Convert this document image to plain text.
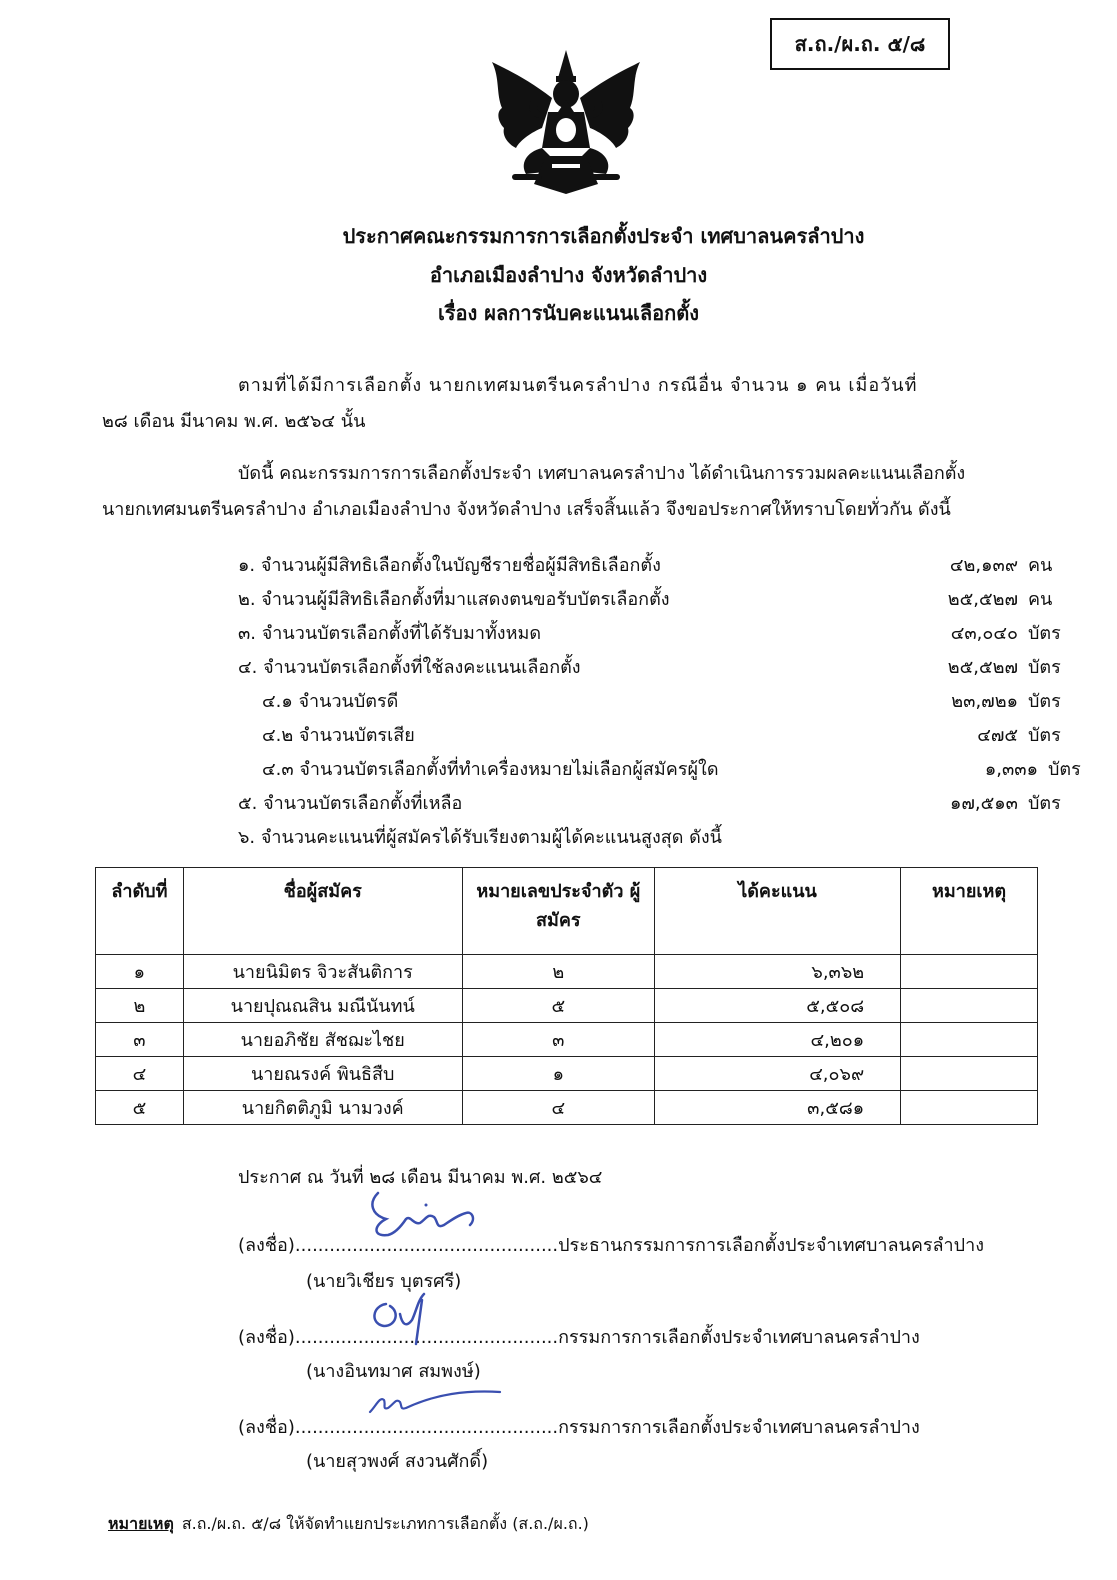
ส.ถ./ผ.ถ. ๕/๘
ประกาศคณะกรรมการการเลือกตั้งประจำ เทศบาลนครลำปาง
อำเภอเมืองลำปาง จังหวัดลำปาง
เรื่อง ผลการนับคะแนนเลือกตั้ง
ตามที่ได้มีการเลือกตั้ง นายกเทศมนตรีนครลำปาง กรณีอื่น จำนวน ๑ คน เมื่อวันที่
๒๘ เดือน มีนาคม พ.ศ. ๒๕๖๔ นั้น
บัดนี้ คณะกรรมการการเลือกตั้งประจำ เทศบาลนครลำปาง ได้ดำเนินการรวมผลคะแนนเลือกตั้ง
นายกเทศมนตรีนครลำปาง อำเภอเมืองลำปาง จังหวัดลำปาง เสร็จสิ้นแล้ว จึงขอประกาศให้ทราบโดยทั่วกัน ดังนี้
๑. จำนวนผู้มีสิทธิเลือกตั้งในบัญชีรายชื่อผู้มีสิทธิเลือกตั้ง	๔๒,๑๓๙ คน
๒. จำนวนผู้มีสิทธิเลือกตั้งที่มาแสดงตนขอรับบัตรเลือกตั้ง	๒๕,๕๒๗ คน
๓. จำนวนบัตรเลือกตั้งที่ได้รับมาทั้งหมด	๔๓,๐๔๐ บัตร
๔. จำนวนบัตรเลือกตั้งที่ใช้ลงคะแนนเลือกตั้ง	๒๕,๕๒๗ บัตร
๔.๑ จำนวนบัตรดี	๒๓,๗๒๑ บัตร
๔.๒ จำนวนบัตรเสีย	๔๗๕ บัตร
๔.๓ จำนวนบัตรเลือกตั้งที่ทำเครื่องหมายไม่เลือกผู้สมัครผู้ใด	๑,๓๓๑ บัตร
๕. จำนวนบัตรเลือกตั้งที่เหลือ	๑๗,๕๑๓ บัตร
๖. จำนวนคะแนนที่ผู้สมัครได้รับเรียงตามผู้ได้คะแนนสูงสุด ดังนี้
ลำดับที่	ชื่อผู้สมัคร	หมายเลขประจำตัว ผู้สมัคร	ได้คะแนน	หมายเหตุ
๑	นายนิมิตร จิวะสันติการ	๒	๖,๓๖๒	
๒	นายปุณณสิน มณีนันทน์	๕	๕,๕๐๘	
๓	นายอภิชัย สัชฌะไชย	๓	๔,๒๐๑	
๔	นายณรงค์ พินธิสืบ	๑	๔,๐๖๙	
๕	นายกิตติภูมิ นามวงค์	๔	๓,๕๘๑	
ประกาศ ณ วันที่ ๒๘ เดือน มีนาคม พ.ศ. ๒๕๖๔
(ลงชื่อ)..............................................ประธานกรรมการการเลือกตั้งประจำเทศบาลนครลำปาง
(นายวิเชียร บุตรศรี)
(ลงชื่อ)..............................................กรรมการการเลือกตั้งประจำเทศบาลนครลำปาง
(นางอินทมาศ สมพงษ์)
(ลงชื่อ)..............................................กรรมการการเลือกตั้งประจำเทศบาลนครลำปาง
(นายสุวพงศ์ สงวนศักดิ์)
หมายเหตุ ส.ถ./ผ.ถ. ๕/๘ ให้จัดทำแยกประเภทการเลือกตั้ง (ส.ถ./ผ.ถ.)
